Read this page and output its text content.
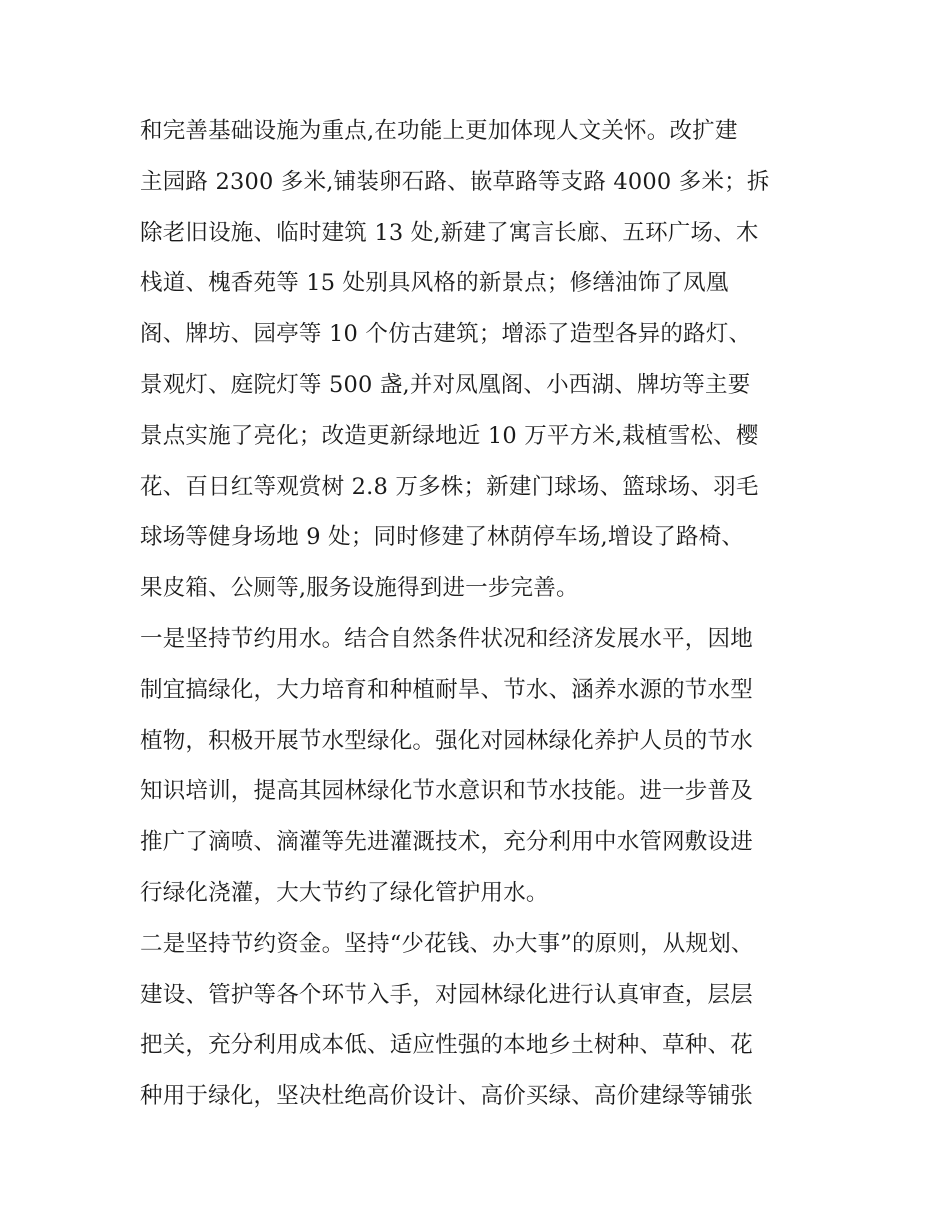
和完善基础设施为重点,在功能上更加体现人文关怀。改扩建
主园路 2300 多米,铺装卵石路、嵌草路等支路 4000 多米；拆
除老旧设施、临时建筑 13 处,新建了寓言长廊、五环广场、木
栈道、槐香苑等 15 处别具风格的新景点；修缮油饰了凤凰
阁、牌坊、园亭等 10 个仿古建筑；增添了造型各异的路灯、
景观灯、庭院灯等 500 盏,并对凤凰阁、小西湖、牌坊等主要
景点实施了亮化；改造更新绿地近 10 万平方米,栽植雪松、樱
花、百日红等观赏树 2.8 万多株；新建门球场、篮球场、羽毛
球场等健身场地 9 处；同时修建了林荫停车场,增设了路椅、
果皮箱、公厕等,服务设施得到进一步完善。
一是坚持节约用水。结合自然条件状况和经济发展水平，因地
制宜搞绿化，大力培育和种植耐旱、节水、涵养水源的节水型
植物，积极开展节水型绿化。强化对园林绿化养护人员的节水
知识培训，提高其园林绿化节水意识和节水技能。进一步普及
推广了滴喷、滴灌等先进灌溉技术，充分利用中水管网敷设进
行绿化浇灌，大大节约了绿化管护用水。
二是坚持节约资金。坚持“少花钱、办大事”的原则，从规划、
建设、管护等各个环节入手，对园林绿化进行认真审查，层层
把关，充分利用成本低、适应性强的本地乡土树种、草种、花
种用于绿化，坚决杜绝高价设计、高价买绿、高价建绿等铺张
